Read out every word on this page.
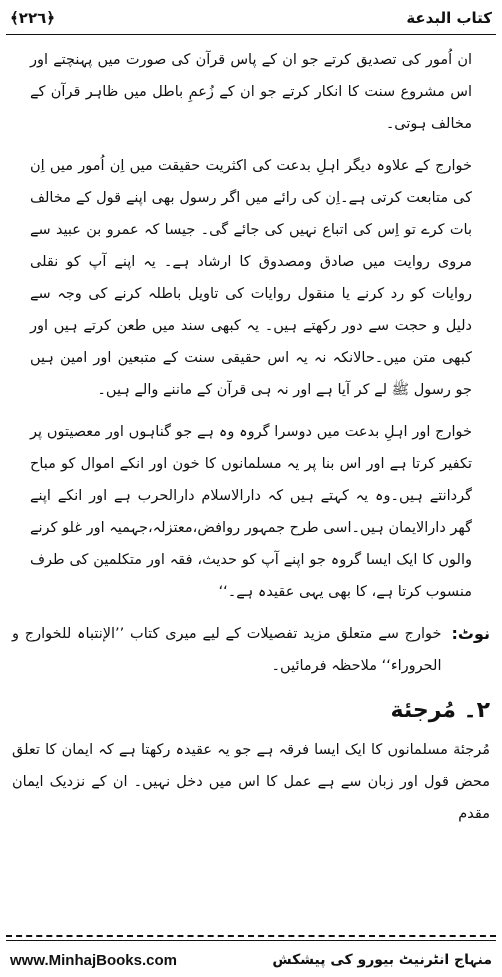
﴿٢٢٦﴾	كتاب البدعة

ان اُمور کی تصدیق کرتے جو ان کے پاس قرآن کی صورت میں پہنچتے اور اس مشروع سنت کا انکار کرتے جو ان کے زُعمِ باطل میں ظاہر قرآن کے مخالف ہوتی۔

خوارج کے علاوہ دیگر اہلِ بدعت کی اکثریت حقیقت میں اِن اُمور میں اِن کی متابعت کرتی ہے۔اِن کی رائے میں اگر رسول بھی اپنے قول کے مخالف بات کرے تو اِس کی اتباع نہیں کی جائے گی۔ جیسا کہ عمرو بن عبید سے مروی روایت میں صادق ومصدوق کا ارشاد ہے۔ یہ اپنے آپ کو نقلی روایات کو رد کرنے یا منقول روایات کی تاویل باطلہ کرنے کی وجہ سے دلیل و حجت سے دور رکھتے ہیں۔ یہ کبھی سند میں طعن کرتے ہیں اور کبھی متن میں۔حالانکہ نہ یہ اس حقیقی سنت کے متبعین اور امین ہیں جو رسول ﷺ لے کر آیا ہے اور نہ ہی قرآن کے ماننے والے ہیں۔

خوارج اور اہلِ بدعت میں دوسرا گروہ وہ ہے جو گناہوں اور معصیتوں پر تکفیر کرتا ہے اور اس بنا پر یہ مسلمانوں کا خون اور انکے اموال کو مباح گردانتے ہیں۔وہ یہ کہتے ہیں کہ دارالاسلام دارالحرب ہے اور انکے اپنے گھر دارالایمان ہیں۔اسی طرح جمہور روافض،معتزلہ،جہمیہ اور غلو کرنے والوں کا ایک ایسا گروہ جو اپنے آپ کو حدیث، فقہ اور متکلمین کی طرف منسوب کرتا ہے، کا بھی یہی عقیدہ ہے۔‘‘

نوٹ:

خوارج سے متعلق مزید تفصیلات کے لیے میری کتاب ’’الإنتباہ للخوارج و الحروراء‘‘ ملاحظہ فرمائیں۔

۲۔ مُرجئة

مُرجئة مسلمانوں کا ایک ایسا فرقہ ہے جو یہ عقیدہ رکھتا ہے کہ ایمان کا تعلق محض قول اور زبان سے ہے عمل کا اس میں دخل نہیں۔ ان کے نزدیک ایمان مقدم

www.MinhajBooks.com	منہاج انٹرنیٹ بیورو کی پیشکش
